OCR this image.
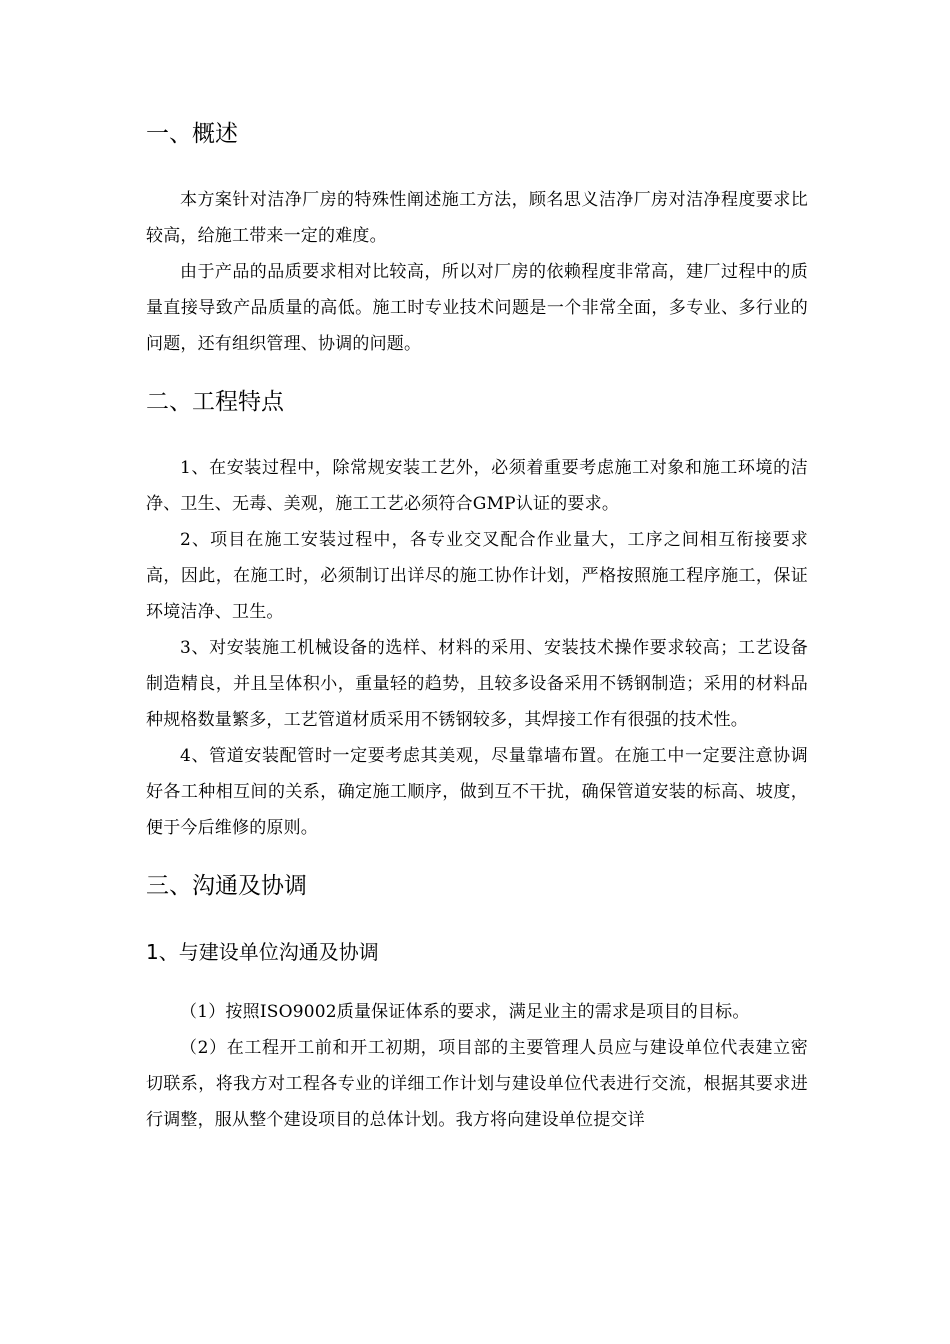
一、概述

本方案针对洁净厂房的特殊性阐述施工方法，顾名思义洁净厂房对洁净程度要求比较高，给施工带来一定的难度。

由于产品的品质要求相对比较高，所以对厂房的依赖程度非常高，建厂过程中的质量直接导致产品质量的高低。施工时专业技术问题是一个非常全面，多专业、多行业的问题，还有组织管理、协调的问题。

二、工程特点

1、在安装过程中，除常规安装工艺外，必须着重要考虑施工对象和施工环境的洁净、卫生、无毒、美观，施工工艺必须符合GMP认证的要求。

2、项目在施工安装过程中，各专业交叉配合作业量大，工序之间相互衔接要求高，因此，在施工时，必须制订出详尽的施工协作计划，严格按照施工程序施工，保证环境洁净、卫生。

3、对安装施工机械设备的选样、材料的采用、安装技术操作要求较高；工艺设备制造精良，并且呈体积小，重量轻的趋势，且较多设备采用不锈钢制造；采用的材料品种规格数量繁多，工艺管道材质采用不锈钢较多，其焊接工作有很强的技术性。

4、管道安装配管时一定要考虑其美观，尽量靠墙布置。在施工中一定要注意协调好各工种相互间的关系，确定施工顺序，做到互不干扰，确保管道安装的标高、坡度，便于今后维修的原则。

三、沟通及协调
1、与建设单位沟通及协调

（1）按照ISO9002质量保证体系的要求，满足业主的需求是项目的目标。

（2）在工程开工前和开工初期，项目部的主要管理人员应与建设单位代表建立密切联系，将我方对工程各专业的详细工作计划与建设单位代表进行交流，根据其要求进行调整，服从整个建设项目的总体计划。我方将向建设单位提交详
